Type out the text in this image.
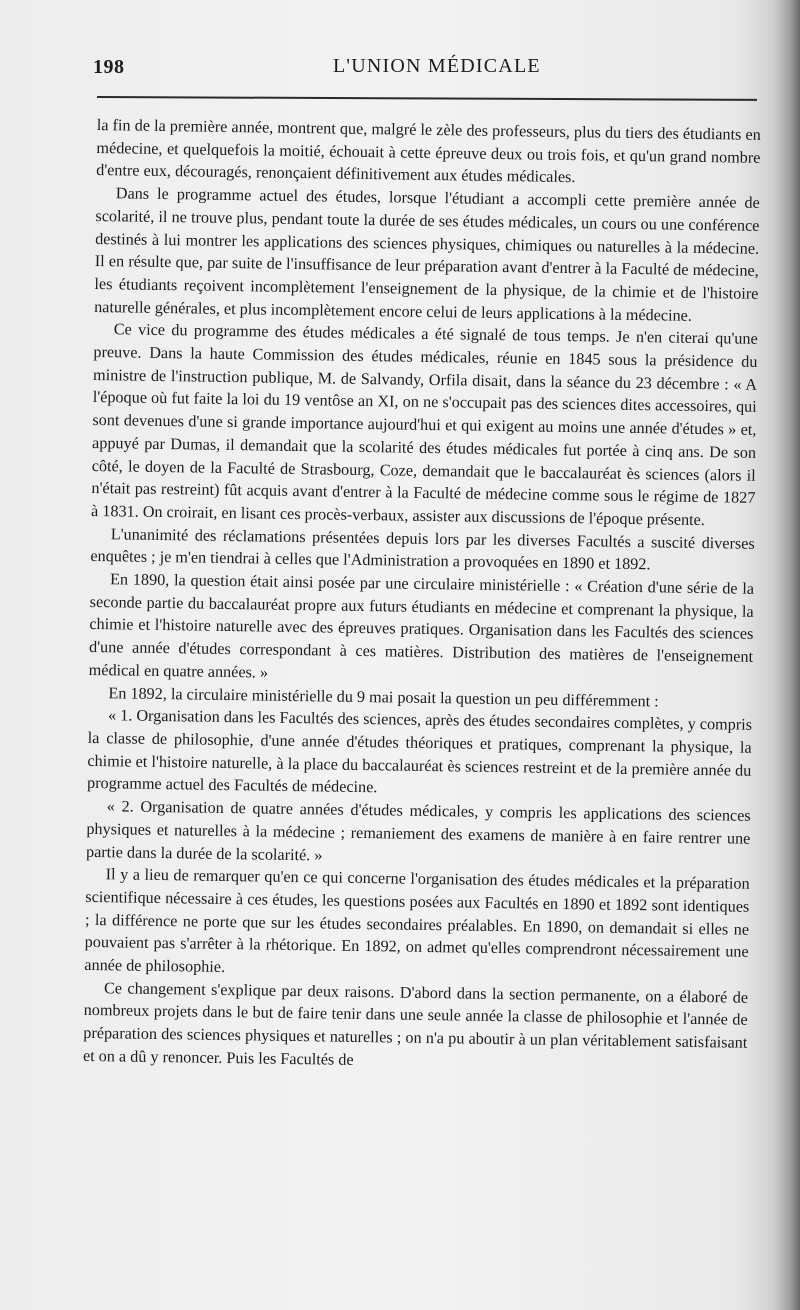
198	L'UNION MÉDICALE

la fin de la première année, montrent que, malgré le zèle des professeurs, plus du tiers des étudiants en médecine, et quelquefois la moitié, échouait à cette épreuve deux ou trois fois, et qu'un grand nombre d'entre eux, découragés, renonçaient définitivement aux études médicales.

Dans le programme actuel des études, lorsque l'étudiant a accompli cette première année de scolarité, il ne trouve plus, pendant toute la durée de ses études médicales, un cours ou une conférence destinés à lui montrer les applications des sciences physiques, chimiques ou naturelles à la médecine. Il en résulte que, par suite de l'insuffisance de leur préparation avant d'entrer à la Faculté de médecine, les étudiants reçoivent incomplètement l'enseignement de la physique, de la chimie et de l'histoire naturelle générales, et plus incomplètement encore celui de leurs applications à la médecine.

Ce vice du programme des études médicales a été signalé de tous temps. Je n'en citerai qu'une preuve. Dans la haute Commission des études médicales, réunie en 1845 sous la présidence du ministre de l'instruction publique, M. de Salvandy, Orfila disait, dans la séance du 23 décembre : « A l'époque où fut faite la loi du 19 ventôse an XI, on ne s'occupait pas des sciences dites accessoires, qui sont devenues d'une si grande importance aujourd'hui et qui exigent au moins une année d'études » et, appuyé par Dumas, il demandait que la scolarité des études médicales fut portée à cinq ans. De son côté, le doyen de la Faculté de Strasbourg, Coze, demandait que le baccalauréat ès sciences (alors il n'était pas restreint) fût acquis avant d'entrer à la Faculté de médecine comme sous le régime de 1827 à 1831. On croirait, en lisant ces procès-verbaux, assister aux discussions de l'époque présente.

L'unanimité des réclamations présentées depuis lors par les diverses Facultés a suscité diverses enquêtes ; je m'en tiendrai à celles que l'Administration a provoquées en 1890 et 1892.

En 1890, la question était ainsi posée par une circulaire ministérielle : « Création d'une série de la seconde partie du baccalauréat propre aux futurs étudiants en médecine et comprenant la physique, la chimie et l'histoire naturelle avec des épreuves pratiques. Organisation dans les Facultés des sciences d'une année d'études correspondant à ces matières. Distribution des matières de l'enseignement médical en quatre années. »

En 1892, la circulaire ministérielle du 9 mai posait la question un peu différemment :

« 1. Organisation dans les Facultés des sciences, après des études secondaires complètes, y compris la classe de philosophie, d'une année d'études théoriques et pratiques, comprenant la physique, la chimie et l'histoire naturelle, à la place du baccalauréat ès sciences restreint et de la première année du programme actuel des Facultés de médecine.

« 2. Organisation de quatre années d'études médicales, y compris les applications des sciences physiques et naturelles à la médecine ; remaniement des examens de manière à en faire rentrer une partie dans la durée de la scolarité. »

Il y a lieu de remarquer qu'en ce qui concerne l'organisation des études médicales et la préparation scientifique nécessaire à ces études, les questions posées aux Facultés en 1890 et 1892 sont identiques ; la différence ne porte que sur les études secondaires préalables. En 1890, on demandait si elles ne pouvaient pas s'arrêter à la rhétorique. En 1892, on admet qu'elles comprendront nécessairement une année de philosophie.

Ce changement s'explique par deux raisons. D'abord dans la section permanente, on a élaboré de nombreux projets dans le but de faire tenir dans une seule année la classe de philosophie et l'année de préparation des sciences physiques et naturelles ; on n'a pu aboutir à un plan véritablement satisfaisant et on a dû y renoncer. Puis les Facultés de
